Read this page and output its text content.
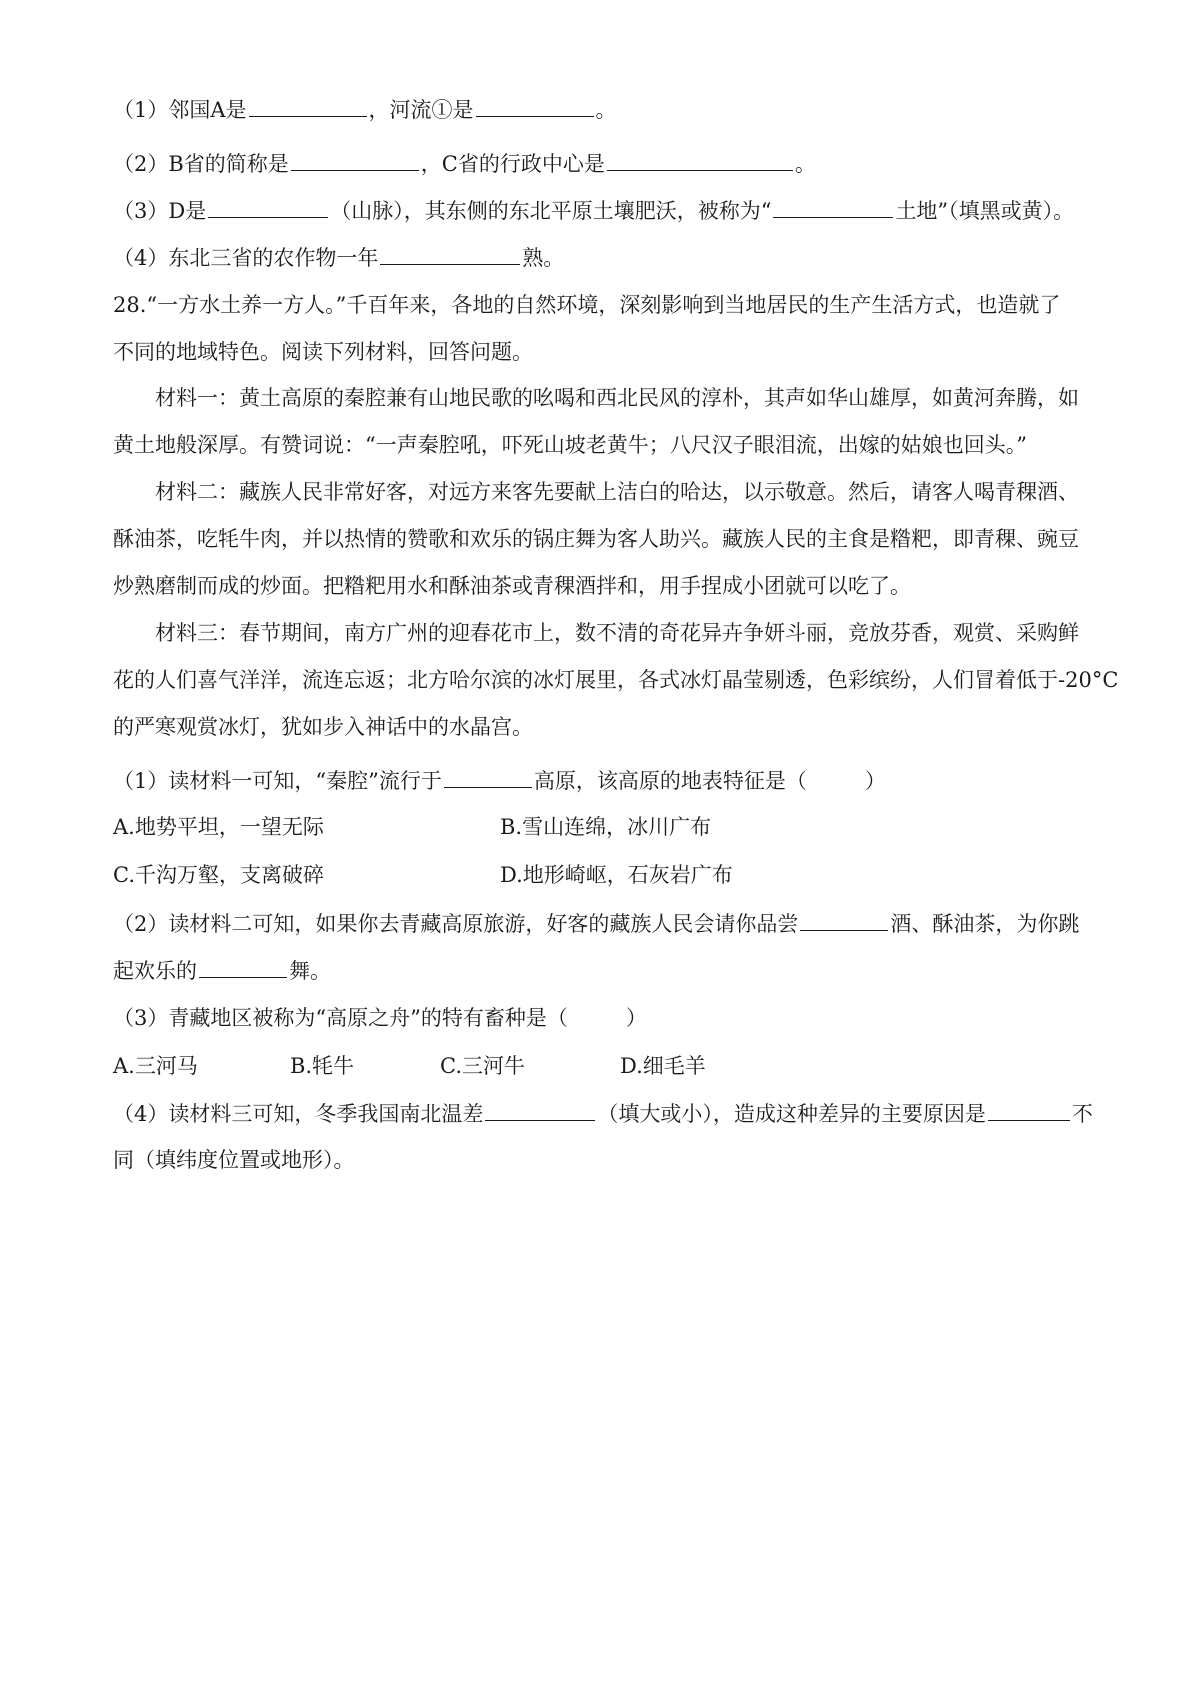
（1）邻国A是	，河流①是	。
（2）B省的简称是	，C省的行政中心是	。
（3）D是	（山脉），其东侧的东北平原土壤肥沃，被称为“	土地”（填黑或黄）。
（4）东北三省的农作物一年	熟。
28.“一方水土养一方人。”千百年来，各地的自然环境，深刻影响到当地居民的生产生活方式，也造就了
不同的地域特色。阅读下列材料，回答问题。
材料一：黄土高原的秦腔兼有山地民歌的吆喝和西北民风的淳朴，其声如华山雄厚，如黄河奔腾，如
黄土地般深厚。有赞词说：“一声秦腔吼，吓死山坡老黄牛；八尺汉子眼泪流，出嫁的姑娘也回头。”
材料二：藏族人民非常好客，对远方来客先要献上洁白的哈达，以示敬意。然后，请客人喝青稞酒、
酥油茶，吃牦牛肉，并以热情的赞歌和欢乐的锅庄舞为客人助兴。藏族人民的主食是糌粑，即青稞、豌豆
炒熟磨制而成的炒面。把糌粑用水和酥油茶或青稞酒拌和，用手捏成小团就可以吃了。
材料三：春节期间，南方广州的迎春花市上，数不清的奇花异卉争妍斗丽，竞放芬香，观赏、采购鲜
花的人们喜气洋洋，流连忘返；北方哈尔滨的冰灯展里，各式冰灯晶莹剔透，色彩缤纷，人们冒着低于-20°C
的严寒观赏冰灯，犹如步入神话中的水晶宫。
（1）读材料一可知，“秦腔”流行于	高原，该高原的地表特征是（	）
A.地势平坦，一望无际	B.雪山连绵，冰川广布
C.千沟万壑，支离破碎	D.地形崎岖，石灰岩广布
（2）读材料二可知，如果你去青藏高原旅游，好客的藏族人民会请你品尝	酒、酥油茶，为你跳
起欢乐的	舞。
（3）青藏地区被称为“高原之舟”的特有畜种是（	）
A.三河马	B.牦牛	C.三河牛	D.细毛羊
（4）读材料三可知，冬季我国南北温差	（填大或小），造成这种差异的主要原因是	不
同（填纬度位置或地形）。
